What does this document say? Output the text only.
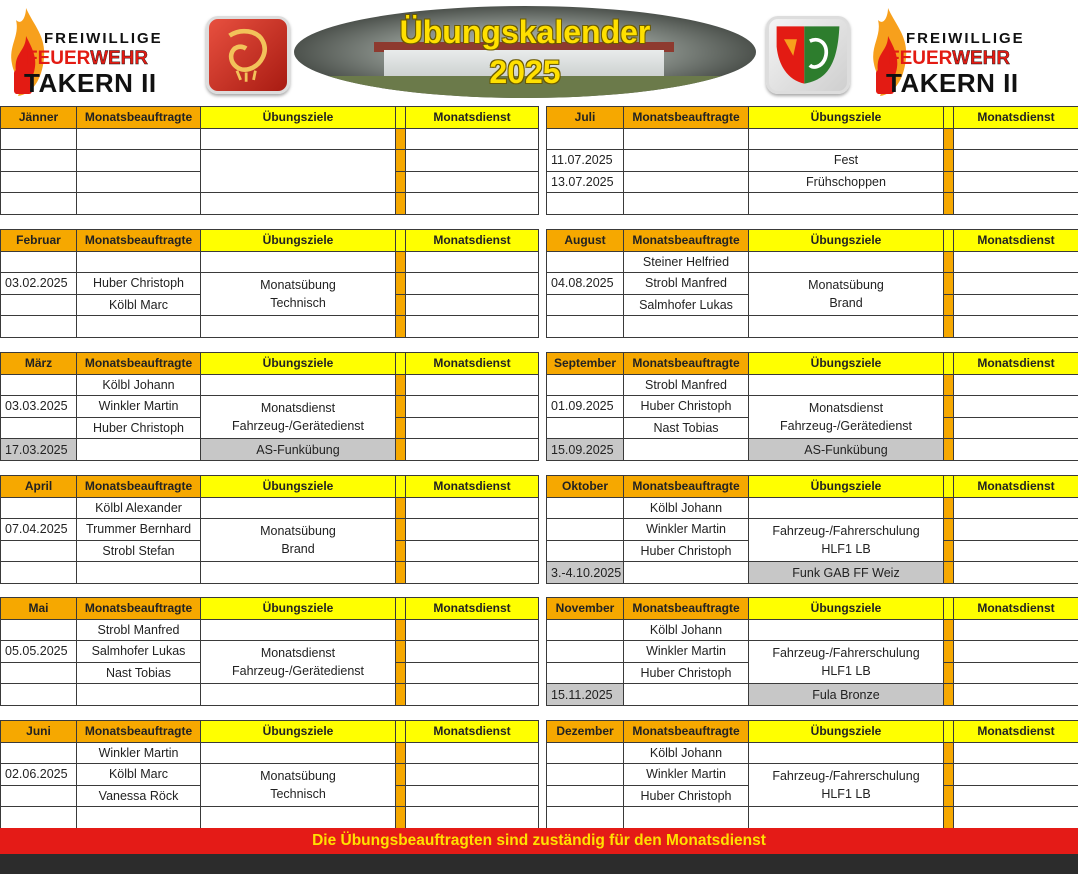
FREIWILLIGE
FEUERWEHR
TAKERN II
Übungskalender
2025
FREIWILLIGE
FEUERWEHR
TAKERN II
Jänner	Monatsbeauftragte	Übungsziele		Monatsdienst

Februar	Monatsbeauftragte	Übungsziele		Monatsdienst

03.02.2025	Huber Christoph	Monatsübung
Technisch		

	Kölbl Marc			

März	Monatsbeauftragte	Übungsziele		Monatsdienst
	Kölbl Johann			
03.03.2025	Winkler Martin	Monatsdienst
Fahrzeug-/Gerätedienst		

	Huber Christoph			
17.03.2025		AS-Funkübung		
April	Monatsbeauftragte	Übungsziele		Monatsdienst
	Kölbl Alexander			
07.04.2025	Trummer Bernhard	Monatsübung
Brand		

	Strobl Stefan			

Mai	Monatsbeauftragte	Übungsziele		Monatsdienst
	Strobl Manfred			
05.05.2025	Salmhofer Lukas	Monatsdienst
Fahrzeug-/Gerätedienst		

	Nast Tobias			

Juni	Monatsbeauftragte	Übungsziele		Monatsdienst
	Winkler Martin			
02.06.2025	Kölbl Marc	Monatsübung
Technisch		

	Vanessa Röck			

Juli	Monatsbeauftragte	Übungsziele		Monatsdienst

11.07.2025		Fest		
13.07.2025		Frühschoppen		

August	Monatsbeauftragte	Übungsziele		Monatsdienst
	Steiner Helfried			
04.08.2025	Strobl Manfred	Monatsübung
Brand		

	Salmhofer Lukas			

September	Monatsbeauftragte	Übungsziele		Monatsdienst
	Strobl Manfred			
01.09.2025	Huber Christoph	Monatsdienst
Fahrzeug-/Gerätedienst		

	Nast Tobias			
15.09.2025		AS-Funkübung		
Oktober	Monatsbeauftragte	Übungsziele		Monatsdienst
	Kölbl Johann			
	Winkler Martin	Fahrzeug-/Fahrerschulung
HLF1 LB		

	Huber Christoph			
3.-4.10.2025		Funk GAB FF Weiz		
November	Monatsbeauftragte	Übungsziele		Monatsdienst
	Kölbl Johann			
	Winkler Martin	Fahrzeug-/Fahrerschulung
HLF1 LB		

	Huber Christoph			
15.11.2025		Fula Bronze		
Dezember	Monatsbeauftragte	Übungsziele		Monatsdienst
	Kölbl Johann			
	Winkler Martin	Fahrzeug-/Fahrerschulung
HLF1 LB		

	Huber Christoph			

Die Übungsbeauftragten sind zuständig für den Monatsdienst
